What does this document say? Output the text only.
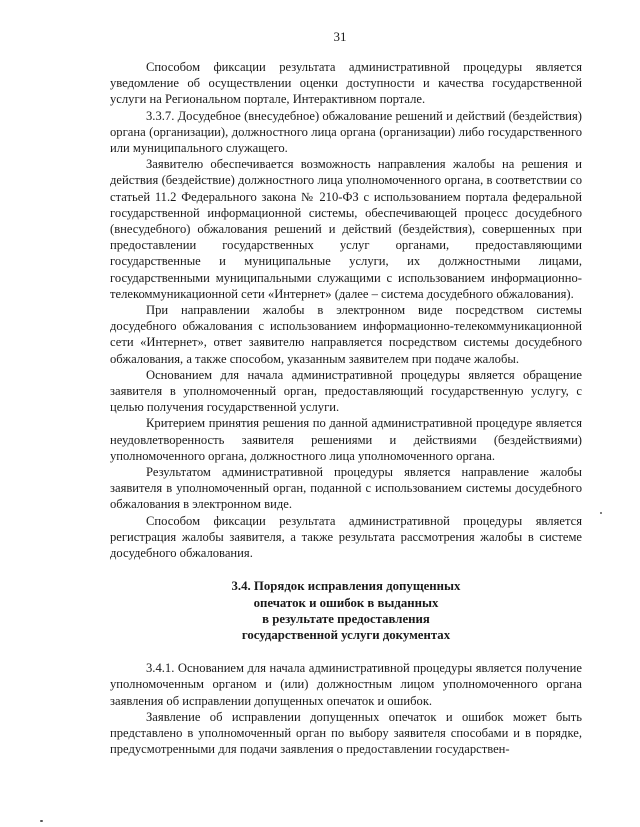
31

Способом фиксации результата административной процедуры является уведомление об осуществлении оценки доступности и качества государственной услуги на Региональном портале, Интерактивном портале.

3.3.7. Досудебное (внесудебное) обжалование решений и действий (бездействия) органа (организации), должностного лица органа (организации) либо государственного или муниципального служащего.

Заявителю обеспечивается возможность направления жалобы на решения и действия (бездействие) должностного лица уполномоченного органа, в соответствии со статьей 11.2 Федерального закона № 210-ФЗ с использованием портала федеральной государственной информационной системы, обеспечивающей процесс досудебного (внесудебного) обжалования решений и действий (бездействия), совершенных при предоставлении государственных услуг органами, предоставляющими государственные и муниципальные услуги, их должностными лицами, государственными муниципальными служащими с использованием информационно-телекоммуникационной сети «Интернет» (далее – система досудебного обжалования).

При направлении жалобы в электронном виде посредством системы досудебного обжалования с использованием информационно-телекоммуникационной сети «Интернет», ответ заявителю направляется посредством системы досудебного обжалования, а также способом, указанным заявителем при подаче жалобы.

Основанием для начала административной процедуры является обращение заявителя в уполномоченный орган, предоставляющий государственную услугу, с целью получения государственной услуги.

Критерием принятия решения по данной административной процедуре является неудовлетворенность заявителя решениями и действиями (бездействиями) уполномоченного органа, должностного лица уполномоченного органа.

Результатом административной процедуры является направление жалобы заявителя в уполномоченный орган, поданной с использованием системы досудебного обжалования в электронном виде.

Способом фиксации результата административной процедуры является регистрация жалобы заявителя, а также результата рассмотрения жалобы в системе досудебного обжалования.

3.4. Порядок исправления допущенных
опечаток и ошибок в выданных
в результате предоставления
государственной услуги документах

3.4.1. Основанием для начала административной процедуры является получение уполномоченным органом и (или) должностным лицом уполномоченного органа заявления об исправлении допущенных опечаток и ошибок.

Заявление об исправлении допущенных опечаток и ошибок может быть представлено в уполномоченный орган по выбору заявителя способами и в порядке, предусмотренными для подачи заявления о предоставлении государствен-
